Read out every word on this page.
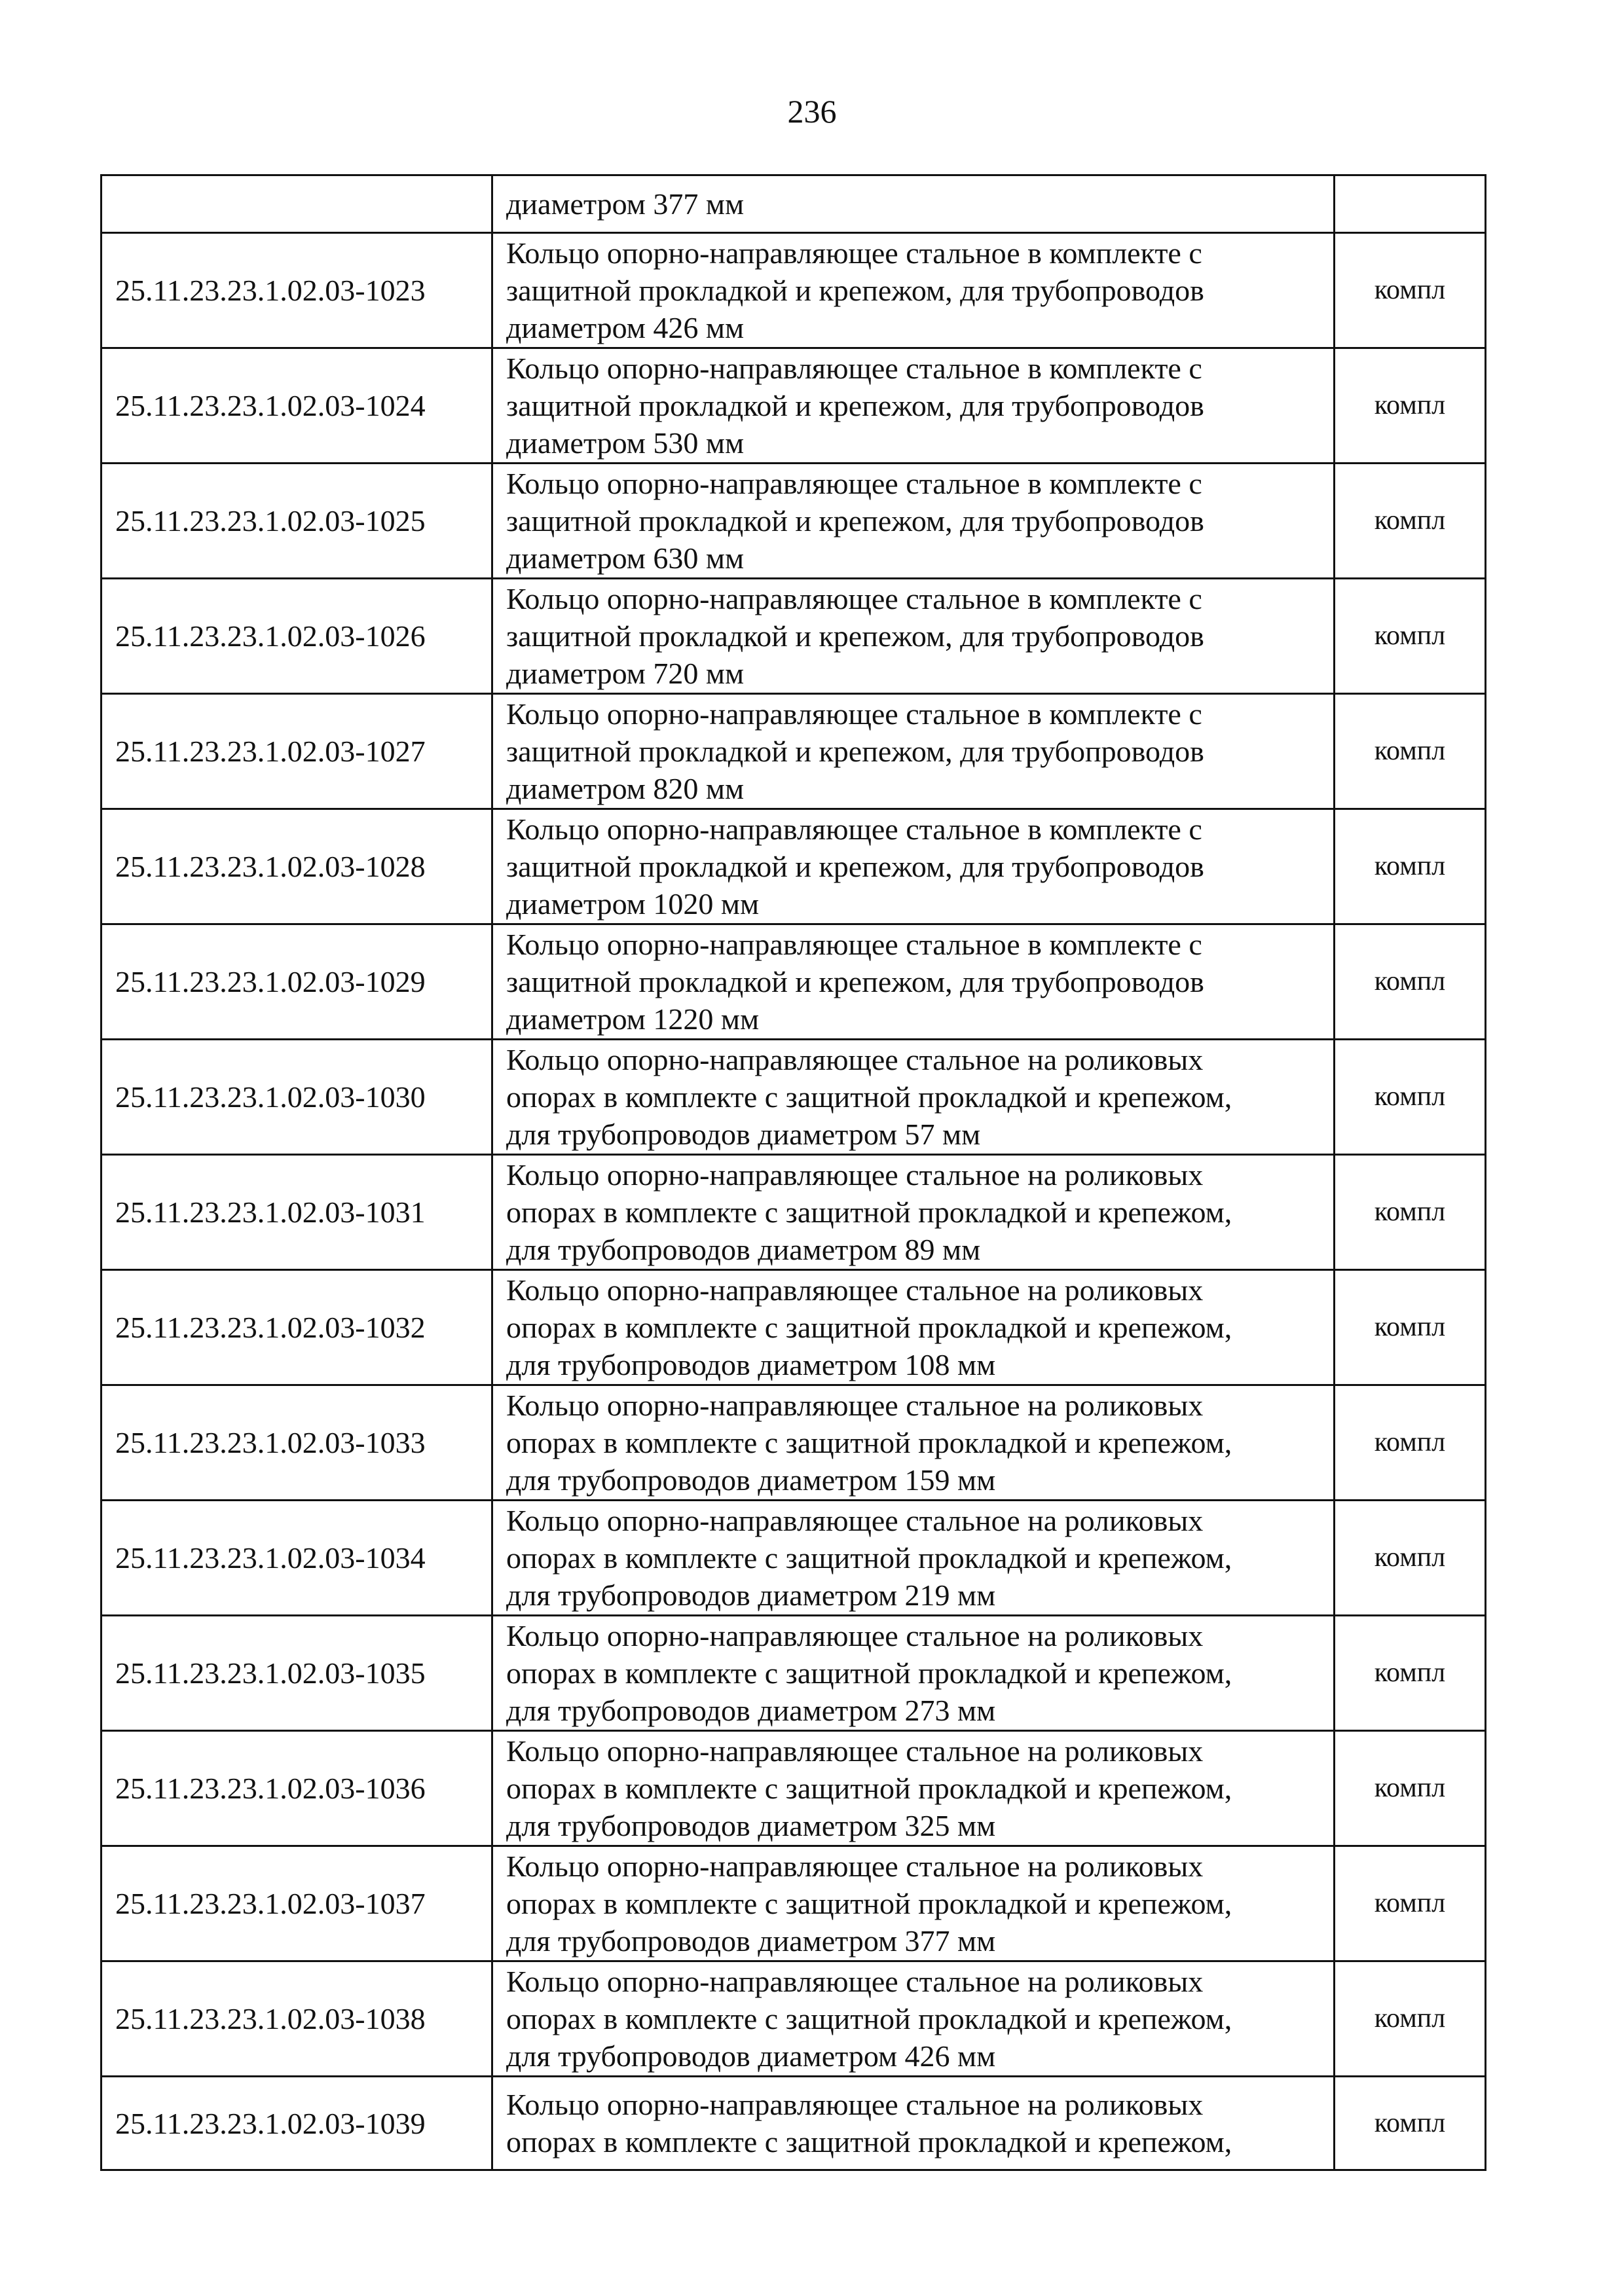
236

	диаметром 377 мм	

25.11.23.23.1.02.03-1023	Кольцо опорно-направляющее стальное в комплекте с
защитной прокладкой и крепежом, для трубопроводов
диаметром 426 мм	компл
25.11.23.23.1.02.03-1024	Кольцо опорно-направляющее стальное в комплекте с
защитной прокладкой и крепежом, для трубопроводов
диаметром 530 мм	компл
25.11.23.23.1.02.03-1025	Кольцо опорно-направляющее стальное в комплекте с
защитной прокладкой и крепежом, для трубопроводов
диаметром 630 мм	компл
25.11.23.23.1.02.03-1026	Кольцо опорно-направляющее стальное в комплекте с
защитной прокладкой и крепежом, для трубопроводов
диаметром 720 мм	компл
25.11.23.23.1.02.03-1027	Кольцо опорно-направляющее стальное в комплекте с
защитной прокладкой и крепежом, для трубопроводов
диаметром 820 мм	компл
25.11.23.23.1.02.03-1028	Кольцо опорно-направляющее стальное в комплекте с
защитной прокладкой и крепежом, для трубопроводов
диаметром 1020 мм	компл
25.11.23.23.1.02.03-1029	Кольцо опорно-направляющее стальное в комплекте с
защитной прокладкой и крепежом, для трубопроводов
диаметром 1220 мм	компл
25.11.23.23.1.02.03-1030	Кольцо опорно-направляющее стальное на роликовых
опорах в комплекте с защитной прокладкой и крепежом,
для трубопроводов диаметром 57 мм	компл
25.11.23.23.1.02.03-1031	Кольцо опорно-направляющее стальное на роликовых
опорах в комплекте с защитной прокладкой и крепежом,
для трубопроводов диаметром 89 мм	компл
25.11.23.23.1.02.03-1032	Кольцо опорно-направляющее стальное на роликовых
опорах в комплекте с защитной прокладкой и крепежом,
для трубопроводов диаметром 108 мм	компл
25.11.23.23.1.02.03-1033	Кольцо опорно-направляющее стальное на роликовых
опорах в комплекте с защитной прокладкой и крепежом,
для трубопроводов диаметром 159 мм	компл
25.11.23.23.1.02.03-1034	Кольцо опорно-направляющее стальное на роликовых
опорах в комплекте с защитной прокладкой и крепежом,
для трубопроводов диаметром 219 мм	компл
25.11.23.23.1.02.03-1035	Кольцо опорно-направляющее стальное на роликовых
опорах в комплекте с защитной прокладкой и крепежом,
для трубопроводов диаметром 273 мм	компл
25.11.23.23.1.02.03-1036	Кольцо опорно-направляющее стальное на роликовых
опорах в комплекте с защитной прокладкой и крепежом,
для трубопроводов диаметром 325 мм	компл
25.11.23.23.1.02.03-1037	Кольцо опорно-направляющее стальное на роликовых
опорах в комплекте с защитной прокладкой и крепежом,
для трубопроводов диаметром 377 мм	компл
25.11.23.23.1.02.03-1038	Кольцо опорно-направляющее стальное на роликовых
опорах в комплекте с защитной прокладкой и крепежом,
для трубопроводов диаметром 426 мм	компл
25.11.23.23.1.02.03-1039	Кольцо опорно-направляющее стальное на роликовых
опорах в комплекте с защитной прокладкой и крепежом,	компл
